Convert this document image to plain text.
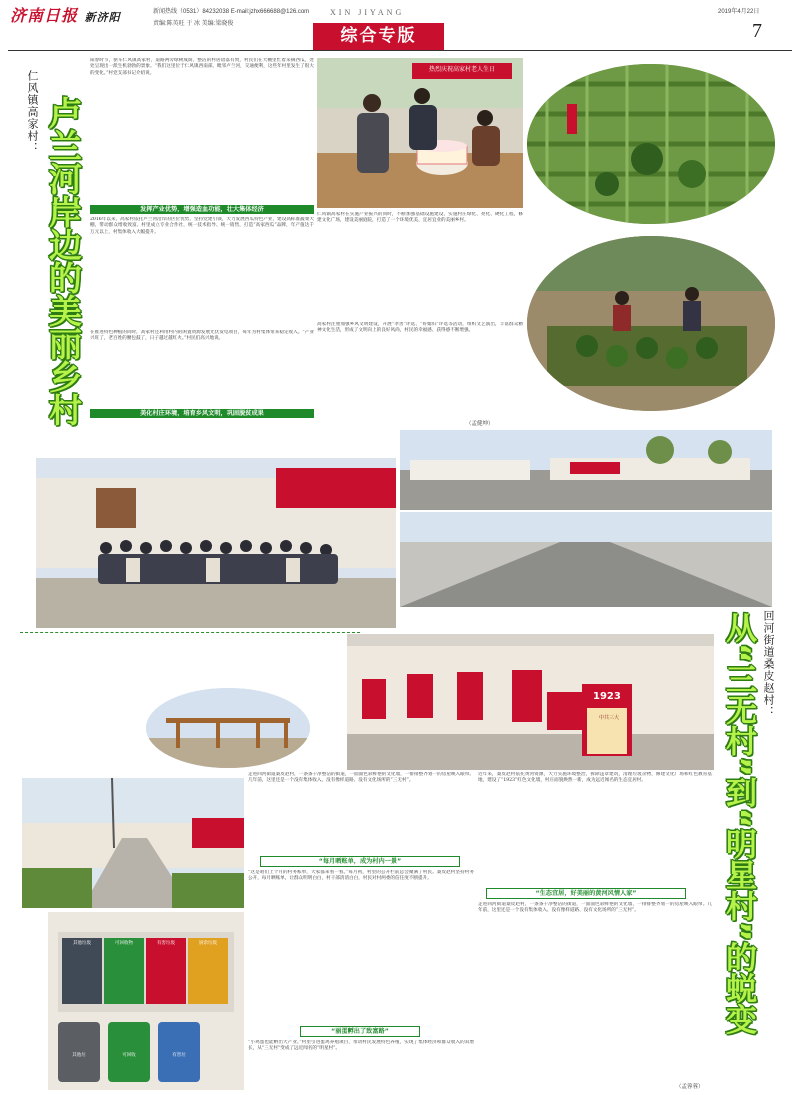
济南日报 新济阳	新闻热线（0531）84232038 E-mail:jzhx666688@126.com
责编:陈英旺 于 冰 美编:梁晓俊
2019年4月22日
XIN JIYANG
综合专版	7
仁风镇高家村： 卢兰河岸边的美丽乡村
阳春时节，驱车仁风镇高家村，道路两旁绿树成荫，整洁的村居错落有致，村民们在大棚里忙着采摘西瓜，处处呈现出一派生机勃勃的景象。“我们这里位于仁风镇西南部，毗邻卢兰河，交通便利，这些年村里发生了很大的变化。”村党支部书记介绍说。
发挥产业优势，增强造血功能，壮大集体经济
2016年以来，高家村依托卢兰河沿岸的区位优势，坚持党建引领，大力发展西瓜特色产业，建设高标准蔬菜大棚，带动群众增收致富。村里成立专业合作社，统一技术指导、统一销售，打造“高家西瓜”品牌，年产值达千万元以上，村集体收入大幅提升。
在推进特色种植的同时，高家村还利用村内的闲置资源发展光伏发电项目，每年为村集体带来稳定收入。“产业兴旺了，老百姓的腰包鼓了，日子越过越红火。”村民们高兴地说。
美化村庄环境，培育乡风文明，巩固脱贫成果
热烈庆祝高家村老人生日
仁风镇高家村在实施产业振兴的同时，不断加强基础设施建设，实施村庄绿化、亮化、硬化工程，修建文化广场，建设美丽庭院，打造了一个环境优美、宜居宜业的美丽乡村。
高家村注重加强乡风文明建设，开展“孝善”评选、“好媳妇”评选等活动，组织文艺演出，丰富群众精神文化生活，形成了文明向上的良好风尚，村民的幸福感、获得感不断增强。
（孟健坤）
回河街道桑皮赵村：
从“三无村”到“明星村”的蜕变
1923
中共三大
其他垃圾	可回收物	有害垃圾	厨余垃圾
其他垃	可回收	有害垃
走进回河街道桑皮赵村，一条条干净整洁的街道，一面面色彩鲜艳的文化墙，一排排整齐划一的房屋映入眼帘。几年前，这里还是一个没有集体收入、没有像样道路、没有文化场所的“三无村”。
“每月晒账单，成为村内一景”
“这是咱们上个月的村务账单，大家都来看一看。”每月初，村里的公开栏前总会聚满了村民。桑皮赵村坚持村务公开，每月晒账单，让群众明明白白，村干部清清白白，村民对村两委的信任度不断提升。
“丽蛋孵出了致富路”
“小鸡蛋也能孵出大产业。”村里引进蛋鸡养殖项目，带动村民发展特色养殖，实现了集体经济和群众收入的双增长，从“三无村”变成了远近闻名的“明星村”。
近年来，桑皮赵村依托黄河资源，大力实施环境整治，拆除违章建筑，清理垃圾杂物，修建文化广场和红色教育基地，建设了“1923”红色文化墙，村庄面貌焕然一新，成为远近闻名的生态宜居村。
“生态宜居，好美丽的黄河风情人家”
走进回河街道桑皮赵村，一条条干净整洁的街道，一面面色彩鲜艳的文化墙，一排排整齐划一的房屋映入眼帘。几年前，这里还是一个没有集体收入、没有像样道路、没有文化场所的“三无村”。
（孟蓉蓉）
